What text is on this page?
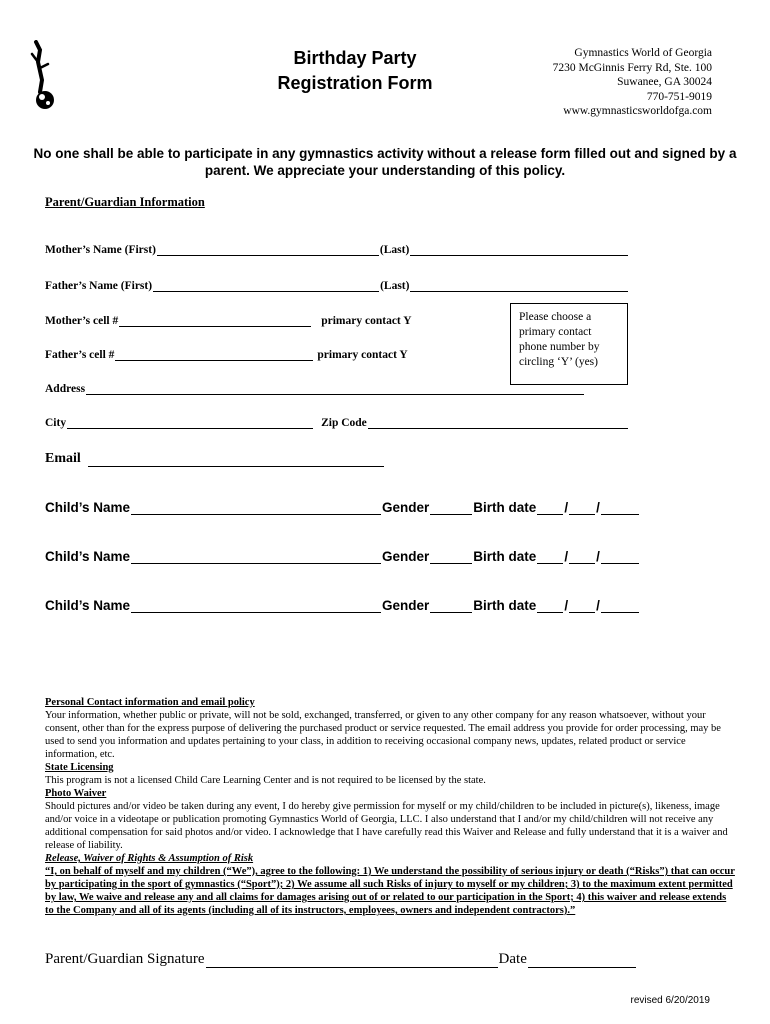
Birthday Party
Registration Form
Gymnastics World of Georgia
7230 McGinnis Ferry Rd, Ste. 100
Suwanee, GA 30024
770-751-9019
www.gymnasticsworldofga.com
No one shall be able to participate in any gymnastics activity without a release form filled out and signed by a parent. We appreciate your understanding of this policy.
Parent/Guardian Information
Mother’s Name (First)	(Last)
Father’s Name (First)	(Last)
Mother’s cell #	primary contact Y
Father’s cell #	primary contact Y
Please choose a primary contact phone number by circling ‘Y’ (yes)
Address
City	Zip Code
Email
Child’s Name	Gender	Birth date / /
Child’s Name	Gender	Birth date / /
Child’s Name	Gender	Birth date / /

Personal Contact information and email policy

Your information, whether public or private, will not be sold, exchanged, transferred, or given to any other company for any reason whatsoever, without your consent, other than for the express purpose of delivering the purchased product or service requested. The email address you provide for order processing, may be used to send you information and updates pertaining to your class, in addition to receiving occasional company news, updates, related product or service information, etc.

State Licensing

This program is not a licensed Child Care Learning Center and is not required to be licensed by the state.

Photo Waiver

Should pictures and/or video be taken during any event, I do hereby give permission for myself or my child/children to be included in picture(s), likeness, image and/or voice in a videotape or publication promoting Gymnastics World of Georgia, LLC. I also understand that I and/or my child/children will not receive any additional compensation for said photos and/or video. I acknowledge that I have carefully read this Waiver and Release and fully understand that it is a waiver and release of liability.

Release, Waiver of Rights & Assumption of Risk

“I, on behalf of myself and my children (“We”), agree to the following: 1) We understand the possibility of serious injury or death (“Risks”) that can occur by participating in the sport of gymnastics (“Sport”); 2) We assume all such Risks of injury to myself or my children; 3) to the maximum extent permitted by law, We waive and release any and all claims for damages arising out of or related to our participation in the Sport; 4) this waiver and release extends to the Company and all of its agents (including all of its instructors, employees, owners and independent contractors).”

Parent/Guardian Signature	Date
revised 6/20/2019
